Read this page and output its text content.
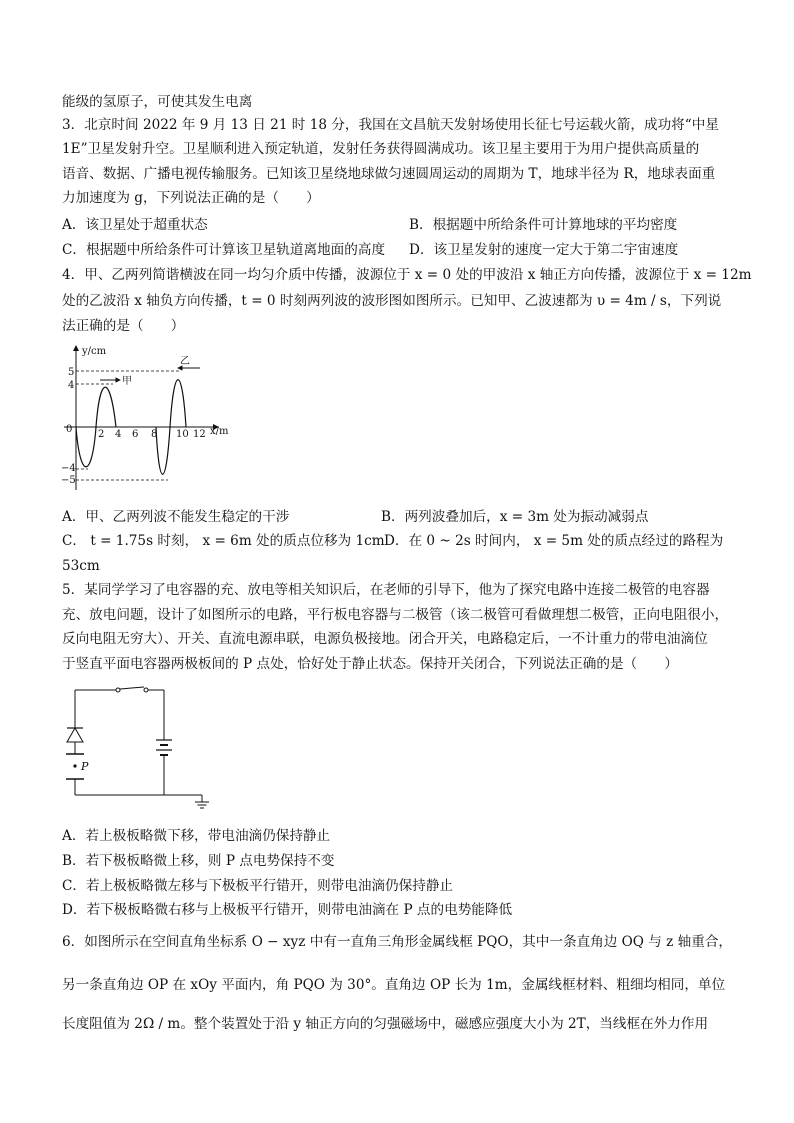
能级的氢原子，可使其发生电离
3．北京时间 2022 年 9 月 13 日 21 时 18 分，我国在文昌航天发射场使用长征七号运载火箭，成功将“中星
1E”卫星发射升空。卫星顺利进入预定轨道，发射任务获得圆满成功。该卫星主要用于为用户提供高质量的
语音、数据、广播电视传输服务。已知该卫星绕地球做匀速圆周运动的周期为 T，地球半径为 R，地球表面重
力加速度为 g，下列说法正确的是（　　）
A．该卫星处于超重状态	B．根据题中所给条件可计算地球的平均密度
C．根据题中所给条件可计算该卫星轨道离地面的高度 D．该卫星发射的速度一定大于第二宇宙速度
4．甲、乙两列简谐横波在同一均匀介质中传播，波源位于 x = 0 处的甲波沿 x 轴正方向传播，波源位于 x = 12m
处的乙波沿 x 轴负方向传播，t = 0 时刻两列波的波形图如图所示。已知甲、乙波速都为 υ = 4m / s，下列说
法正确的是（　　）
A．甲、乙两列波不能发生稳定的干涉	B．两列波叠加后，x = 3m 处为振动减弱点
C． t = 1.75s 时刻， x = 6m 处的质点位移为 1cm D．在 0 ~ 2s 时间内， x = 5m 处的质点经过的路程为
53cm
5．某同学学习了电容器的充、放电等相关知识后，在老师的引导下，他为了探究电路中连接二极管的电容器
充、放电问题，设计了如图所示的电路，平行板电容器与二极管（该二极管可看做理想二极管，正向电阻很小，
反向电阻无穷大）、开关、直流电源串联，电源负极接地。闭合开关，电路稳定后，一不计重力的带电油滴位
于竖直平面电容器两极板间的 P 点处，恰好处于静止状态。保持开关闭合，下列说法正确的是（　　）
A．若上极板略微下移，带电油滴仍保持静止
B．若下极板略微上移，则 P 点电势保持不变
C．若上极板略微左移与下极板平行错开，则带电油滴仍保持静止
D．若下极板略微右移与上极板平行错开，则带电油滴在 P 点的电势能降低
6．如图所示在空间直角坐标系 O − xyz 中有一直角三角形金属线框 PQO，其中一条直角边 OQ 与 z 轴重合，
另一条直角边 OP 在 xOy 平面内，角 PQO 为 30°。直角边 OP 长为 1m，金属线框材料、粗细均相同，单位
长度阻值为 2Ω / m。整个装置处于沿 y 轴正方向的匀强磁场中，磁感应强度大小为 2T，当线框在外力作用
y/cm
x/m
0
5
4
−4
−5
2 4 6 8 10 12
甲
乙
P
